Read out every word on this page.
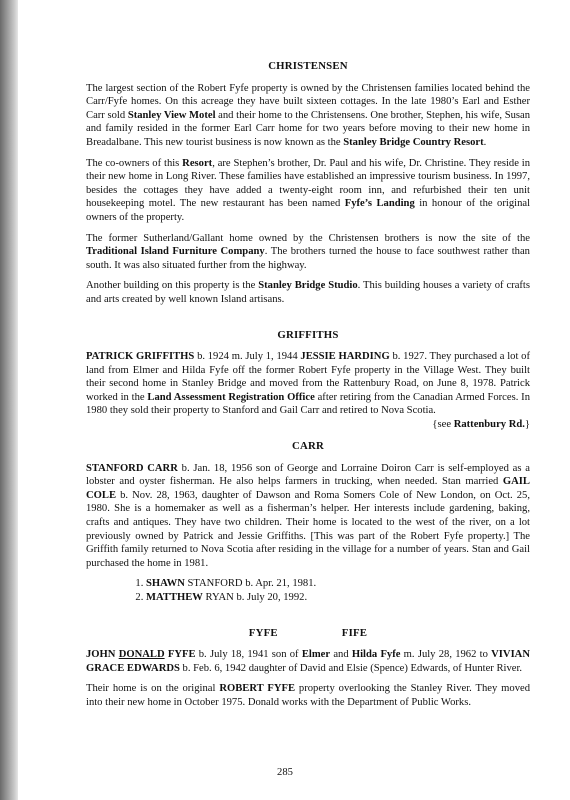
CHRISTENSEN

The largest section of the Robert Fyfe property is owned by the Christensen families located behind the Carr/Fyfe homes. On this acreage they have built sixteen cottages. In the late 1980’s Earl and Esther Carr sold Stanley View Motel and their home to the Christensens. One brother, Stephen, his wife, Susan and family resided in the former Earl Carr home for two years before moving to their new home in Breadalbane. This new tourist business is now known as the Stanley Bridge Country Resort.

The co-owners of this Resort, are Stephen’s brother, Dr. Paul and his wife, Dr. Christine. They reside in their new home in Long River. These families have established an impressive tourism business. In 1997, besides the cottages they have added a twenty-eight room inn, and refurbished their ten unit housekeeping motel. The new restaurant has been named Fyfe’s Landing in honour of the original owners of the property.

The former Sutherland/Gallant home owned by the Christensen brothers is now the site of the Traditional Island Furniture Company. The brothers turned the house to face southwest rather than south. It was also situated further from the highway.

Another building on this property is the Stanley Bridge Studio. This building houses a variety of crafts and arts created by well known Island artisans.

GRIFFITHS

PATRICK GRIFFITHS b. 1924 m. July 1, 1944 JESSIE HARDING b. 1927. They purchased a lot of land from Elmer and Hilda Fyfe off the former Robert Fyfe property in the Village West. They built their second home in Stanley Bridge and moved from the Rattenbury Road, on June 8, 1978. Patrick worked in the Land Assessment Registration Office after retiring from the Canadian Armed Forces. In 1980 they sold their property to Stanford and Gail Carr and retired to Nova Scotia.
{see Rattenbury Rd.}

CARR

STANFORD CARR b. Jan. 18, 1956 son of George and Lorraine Doiron Carr is self-employed as a lobster and oyster fisherman. He also helps farmers in trucking, when needed. Stan married GAIL COLE b. Nov. 28, 1963, daughter of Dawson and Roma Somers Cole of New London, on Oct. 25, 1980. She is a homemaker as well as a fisherman’s helper. Her interests include gardening, baking, crafts and antiques. They have two children. Their home is located to the west of the river, on a lot previously owned by Patrick and Jessie Griffiths. [This was part of the Robert Fyfe property.] The Griffith family returned to Nova Scotia after residing in the village for a number of years. Stan and Gail purchased the home in 1981.

1. SHAWN STANFORD b. Apr. 21, 1981.
2. MATTHEW RYAN b. July 20, 1992.
FYFE	FIFE

JOHN DONALD FYFE b. July 18, 1941 son of Elmer and Hilda Fyfe m. July 28, 1962 to VIVIAN GRACE EDWARDS b. Feb. 6, 1942 daughter of David and Elsie (Spence) Edwards, of Hunter River.

Their home is on the original ROBERT FYFE property overlooking the Stanley River. They moved into their new home in October 1975. Donald works with the Department of Public Works.

285
